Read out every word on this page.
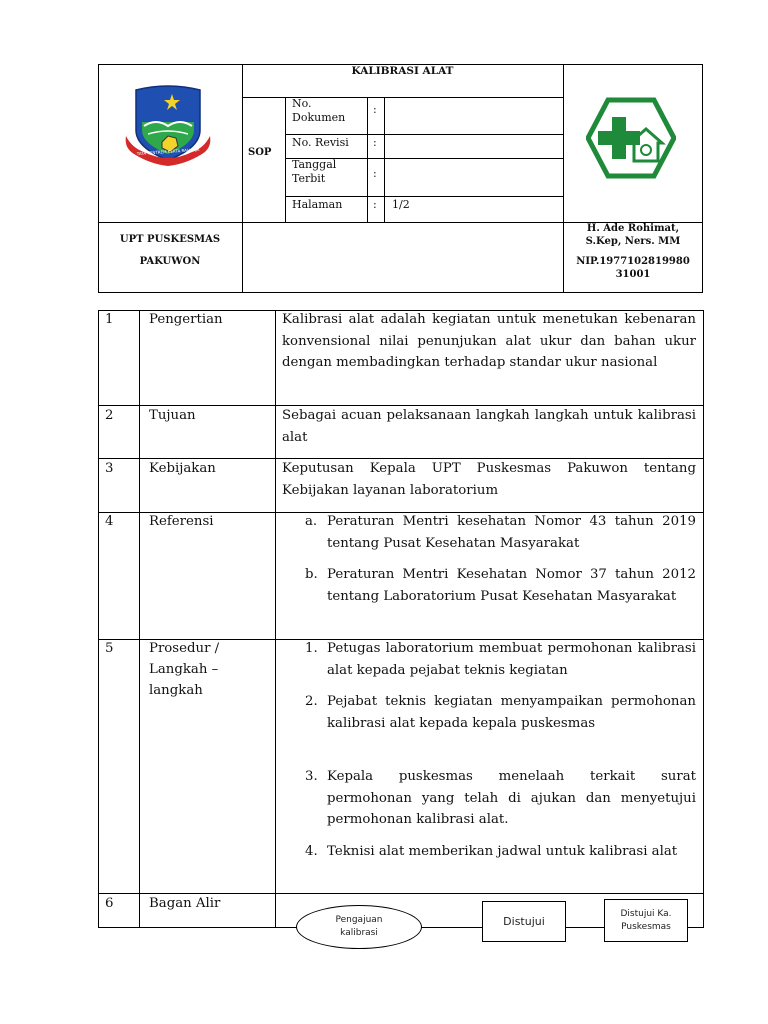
TATA TENTREM KERTA RAHARJA
KALIBRASI ALAT
SOP
No. Dokumen
:
No. Revisi :
Tanggal Terbit	:
Halaman	: 1/2
UPT PUSKESMAS
PAKUWON
H. Ade Rohimat,
S.Kep, Ners. MM
NIP.1977102819980
31001
1	Pengertian	Kalibrasi alat adalah kegiatan untuk menetukan kebenaran konvensional nilai penunjukan alat ukur dan bahan ukur dengan membadingkan terhadap standar ukur nasional
2	Tujuan	Sebagai acuan pelaksanaan langkah langkah untuk kalibrasi alat
3	Kebijakan	Keputusan Kepala UPT Puskesmas Pakuwon tentang Kebijakan layanan laboratorium
4	Referensi	a. Peraturan Mentri kesehatan Nomor 43 tahun 2019 tentang Pusat Kesehatan Masyarakat
b. Peraturan Mentri Kesehatan Nomor 37 tahun 2012 tentang Laboratorium Pusat Kesehatan Masyarakat
5	Prosedur /
Langkah –
langkah
1. Petugas laboratorium membuat permohonan kalibrasi alat kepada pejabat teknis kegiatan
2. Pejabat teknis kegiatan menyampaikan permohonan kalibrasi alat kepada kepala puskesmas
3. Kepala puskesmas menelaah terkait surat permohonan yang telah di ajukan dan menyetujui permohonan kalibrasi alat.
4. Teknisi alat memberikan jadwal untuk kalibrasi alat
6	Bagan Alir
Pengajuan
kalibrasi
Distujui
Distujui Ka.
Puskesmas
